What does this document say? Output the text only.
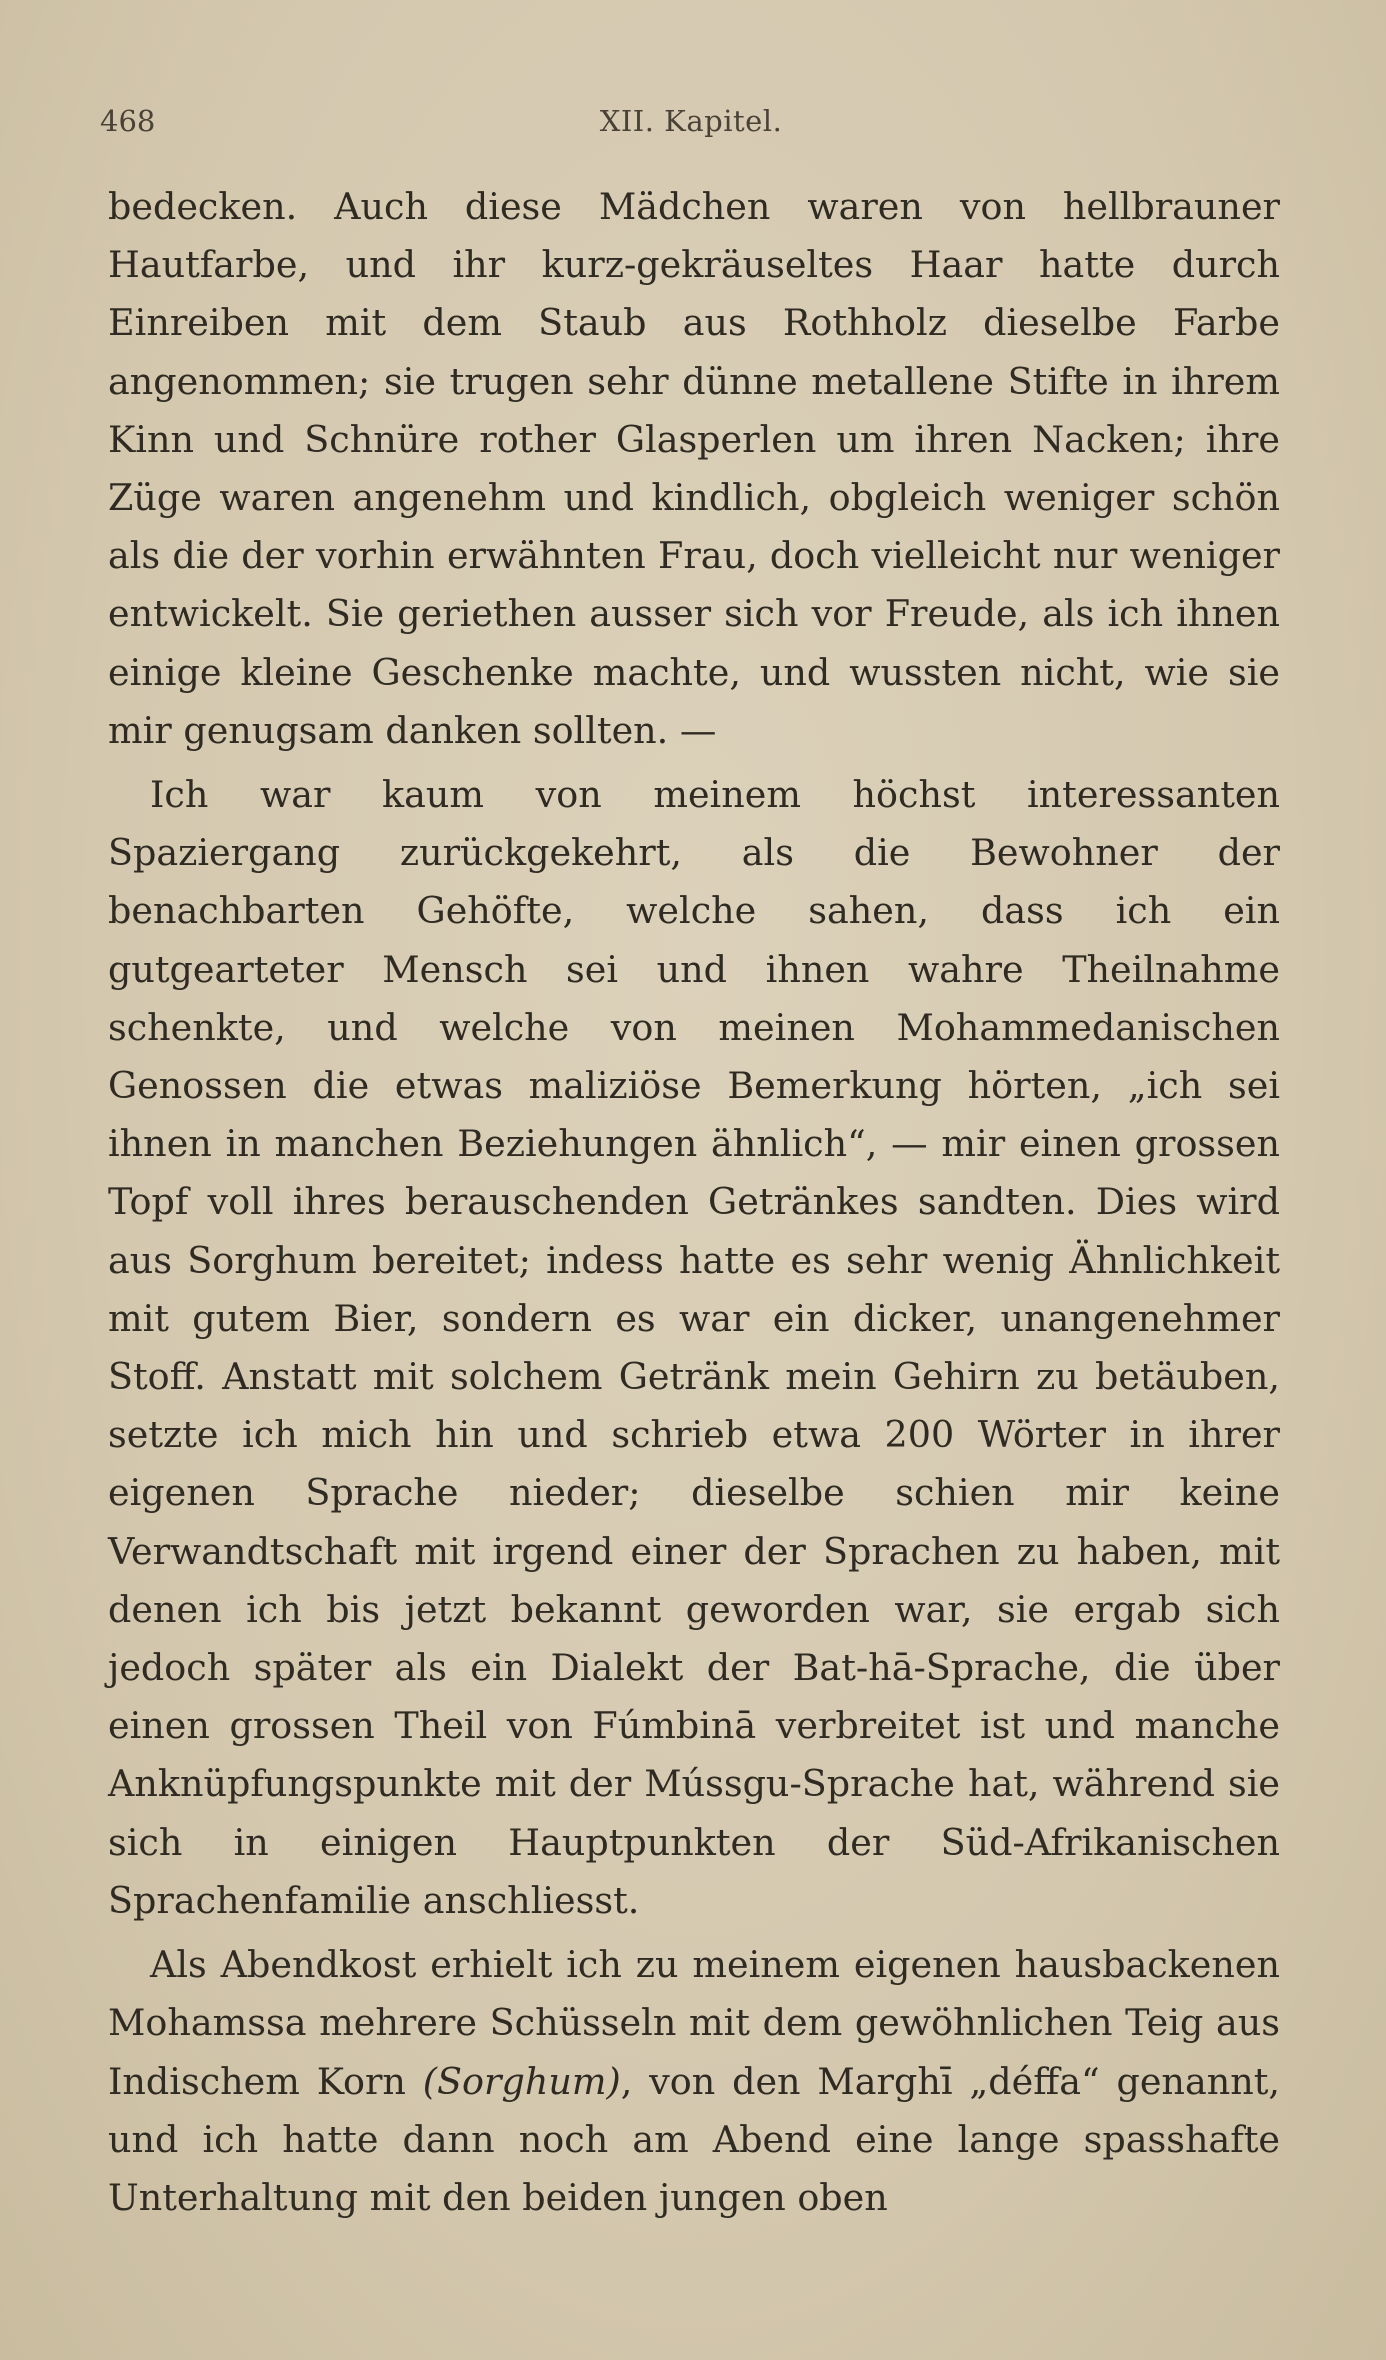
468	XII. Kapitel.

bedecken. Auch diese Mädchen waren von hellbrauner Hautfarbe, und ihr kurz-gekräuseltes Haar hatte durch Einreiben mit dem Staub aus Rothholz dieselbe Farbe angenommen; sie trugen sehr dünne metallene Stifte in ihrem Kinn und Schnüre rother Glasperlen um ihren Nacken; ihre Züge waren angenehm und kindlich, obgleich weniger schön als die der vorhin erwähnten Frau, doch vielleicht nur weniger entwickelt. Sie geriethen ausser sich vor Freude, als ich ihnen einige kleine Geschenke machte, und wussten nicht, wie sie mir genugsam danken sollten. —

Ich war kaum von meinem höchst interessanten Spaziergang zurückgekehrt, als die Bewohner der benachbarten Gehöfte, welche sahen, dass ich ein gutgearteter Mensch sei und ihnen wahre Theilnahme schenkte, und welche von meinen Mohammedanischen Genossen die etwas maliziöse Bemerkung hörten, „ich sei ihnen in manchen Beziehungen ähnlich“, — mir einen grossen Topf voll ihres berauschenden Getränkes sandten. Dies wird aus Sorghum bereitet; indess hatte es sehr wenig Ähnlichkeit mit gutem Bier, sondern es war ein dicker, unangenehmer Stoff. Anstatt mit solchem Getränk mein Gehirn zu betäuben, setzte ich mich hin und schrieb etwa 200 Wörter in ihrer eigenen Sprache nieder; dieselbe schien mir keine Verwandtschaft mit irgend einer der Sprachen zu haben, mit denen ich bis jetzt bekannt geworden war, sie ergab sich jedoch später als ein Dialekt der Bat-hā-Sprache, die über einen grossen Theil von Fúmbinā verbreitet ist und manche Anknüpfungspunkte mit der Mússgu-Sprache hat, während sie sich in einigen Hauptpunkten der Süd-Afrikanischen Sprachenfamilie anschliesst.

Als Abendkost erhielt ich zu meinem eigenen hausbackenen Mohamssa mehrere Schüsseln mit dem gewöhnlichen Teig aus Indischem Korn (Sorghum), von den Marghī „déffa“ genannt, und ich hatte dann noch am Abend eine lange spasshafte Unterhaltung mit den beiden jungen oben
